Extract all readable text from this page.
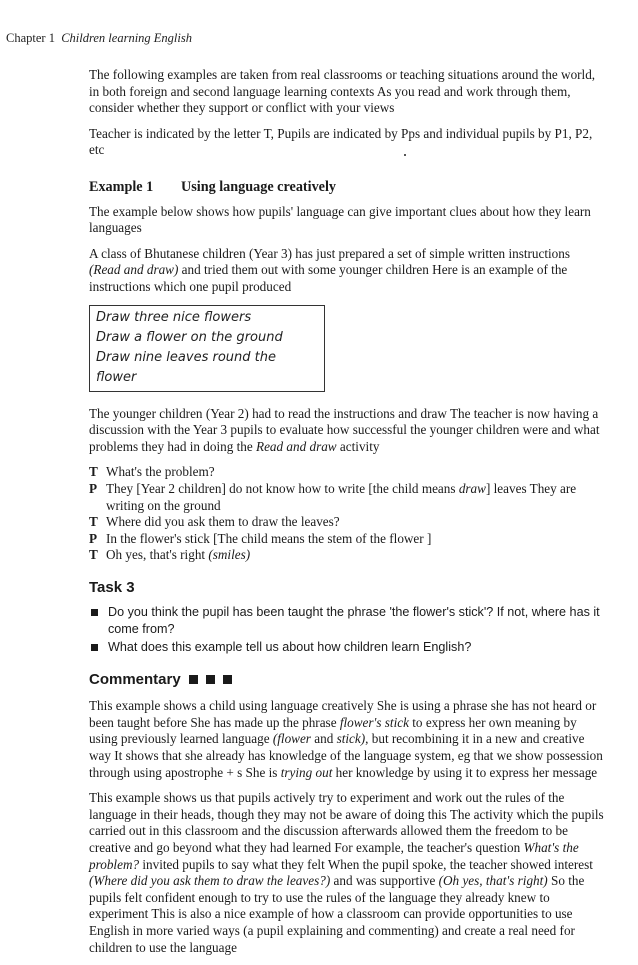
Chapter 1 Children learning English

The following examples are taken from real classrooms or teaching situations around the world, in both foreign and second language learning contexts As you read and work through them, consider whether they support or conflict with your views

Teacher is indicated by the letter T, Pupils are indicated by Pps and individual pupils by P1, P2, etc

Example 1 Using language creatively

The example below shows how pupils' language can give important clues about how they learn languages

A class of Bhutanese children (Year 3) has just prepared a set of simple written instructions (Read and draw) and tried them out with some younger children Here is an example of the instructions which one pupil produced

Draw three nice flowers
Draw a flower on the ground
Draw nine leaves round the flower

The younger children (Year 2) had to read the instructions and draw The teacher is now having a discussion with the Year 3 pupils to evaluate how successful the younger children were and what problems they had in doing the Read and draw activity

T What's the problem?
P They [Year 2 children] do not know how to write [the child means draw] leaves They are writing on the ground
T Where did you ask them to draw the leaves?
P In the flower's stick [The child means the stem of the flower ]
T Oh yes, that's right (smiles)
Task 3
Do you think the pupil has been taught the phrase 'the flower's stick'? If not, where has it come from?
What does this example tell us about how children learn English?
Commentary

This example shows a child using language creatively She is using a phrase she has not heard or been taught before She has made up the phrase flower's stick to express her own meaning by using previously learned language (flower and stick), but recombining it in a new and creative way It shows that she already has knowledge of the language system, eg that we show possession through using apostrophe + s She is trying out her knowledge by using it to express her message

This example shows us that pupils actively try to experiment and work out the rules of the language in their heads, though they may not be aware of doing this The activity which the pupils carried out in this classroom and the discussion afterwards allowed them the freedom to be creative and go beyond what they had learned For example, the teacher's question What's the problem? invited pupils to say what they felt When the pupil spoke, the teacher showed interest (Where did you ask them to draw the leaves?) and was supportive (Oh yes, that's right) So the pupils felt confident enough to try to use the rules of the language they already knew to experiment This is also a nice example of how a classroom can provide opportunities to use English in more varied ways (a pupil explaining and commenting) and create a real need for children to use the language
